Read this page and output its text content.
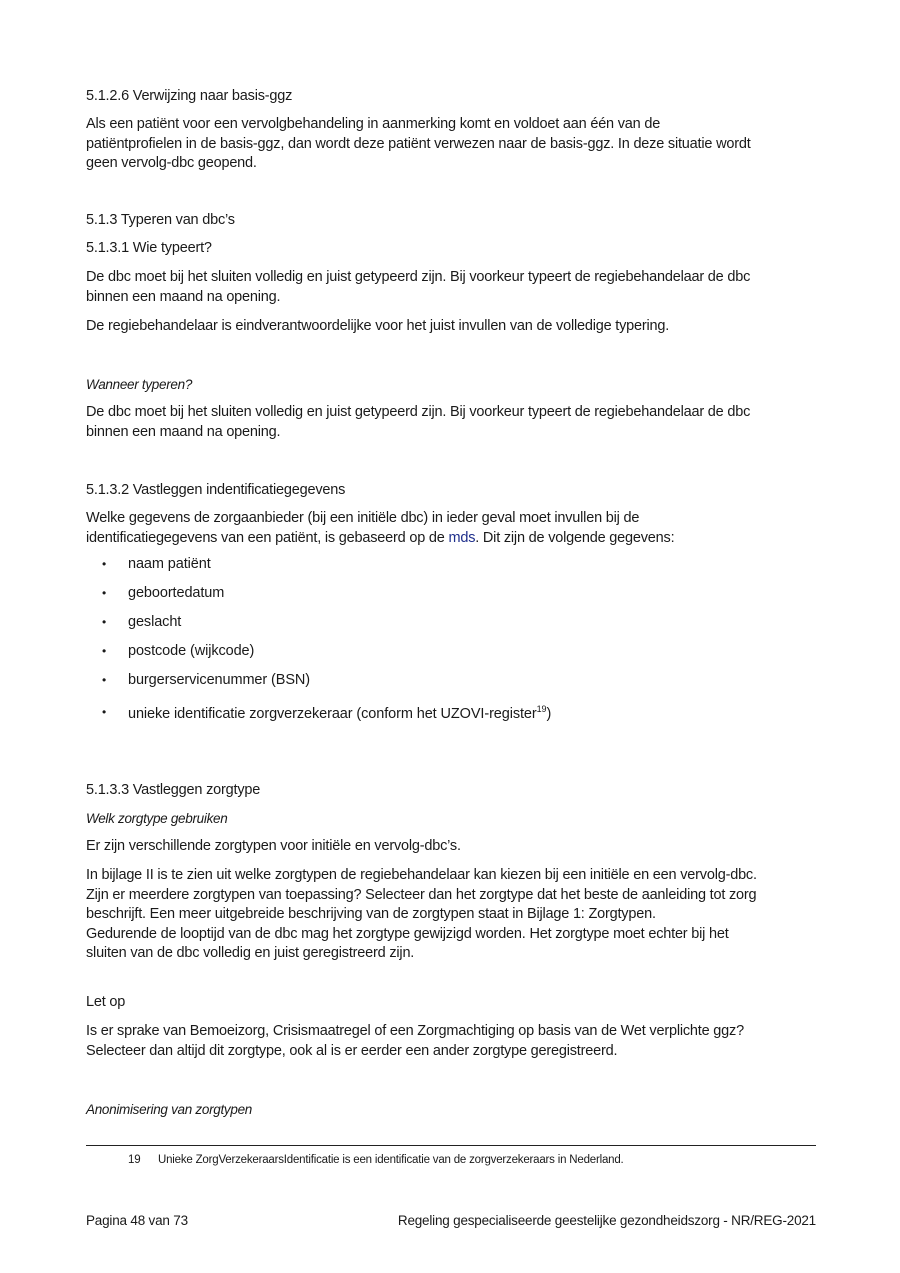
5.1.2.6 Verwijzing naar basis-ggz
Als een patiënt voor een vervolgbehandeling in aanmerking komt en voldoet aan één van de
patiëntprofielen in de basis-ggz, dan wordt deze patiënt verwezen naar de basis-ggz. In deze situatie wordt
geen vervolg-dbc geopend.
5.1.3 Typeren van dbc’s
5.1.3.1 Wie typeert?
De dbc moet bij het sluiten volledig en juist getypeerd zijn. Bij voorkeur typeert de regiebehandelaar de dbc
binnen een maand na opening.
De regiebehandelaar is eindverantwoordelijke voor het juist invullen van de volledige typering.
Wanneer typeren?
De dbc moet bij het sluiten volledig en juist getypeerd zijn. Bij voorkeur typeert de regiebehandelaar de dbc
binnen een maand na opening.
5.1.3.2 Vastleggen indentificatiegegevens
Welke gegevens de zorgaanbieder (bij een initiële dbc) in ieder geval moet invullen bij de
identificatiegegevens van een patiënt, is gebaseerd op de mds. Dit zijn de volgende gegevens:
• naam patiënt
• geboortedatum
• geslacht
• postcode (wijkcode)
• burgerservicenummer (BSN)
• unieke identificatie zorgverzekeraar (conform het UZOVI-register$^{19}$)
5.1.3.3 Vastleggen zorgtype
Welk zorgtype gebruiken
Er zijn verschillende zorgtypen voor initiële en vervolg-dbc’s.
In bijlage II is te zien uit welke zorgtypen de regiebehandelaar kan kiezen bij een initiële en een vervolg-dbc.
Zijn er meerdere zorgtypen van toepassing? Selecteer dan het zorgtype dat het beste de aanleiding tot zorg
beschrijft. Een meer uitgebreide beschrijving van de zorgtypen staat in Bijlage 1: Zorgtypen.
Gedurende de looptijd van de dbc mag het zorgtype gewijzigd worden. Het zorgtype moet echter bij het
sluiten van de dbc volledig en juist geregistreerd zijn.
Let op
Is er sprake van Bemoeizorg, Crisismaatregel of een Zorgmachtiging op basis van de Wet verplichte ggz?
Selecteer dan altijd dit zorgtype, ook al is er eerder een ander zorgtype geregistreerd.
Anonimisering van zorgtypen
19 Unieke ZorgVerzekeraarsIdentificatie is een identificatie van de zorgverzekeraars in Nederland.
Pagina 48 van 73	Regeling gespecialiseerde geestelijke gezondheidszorg - NR/REG-2021
